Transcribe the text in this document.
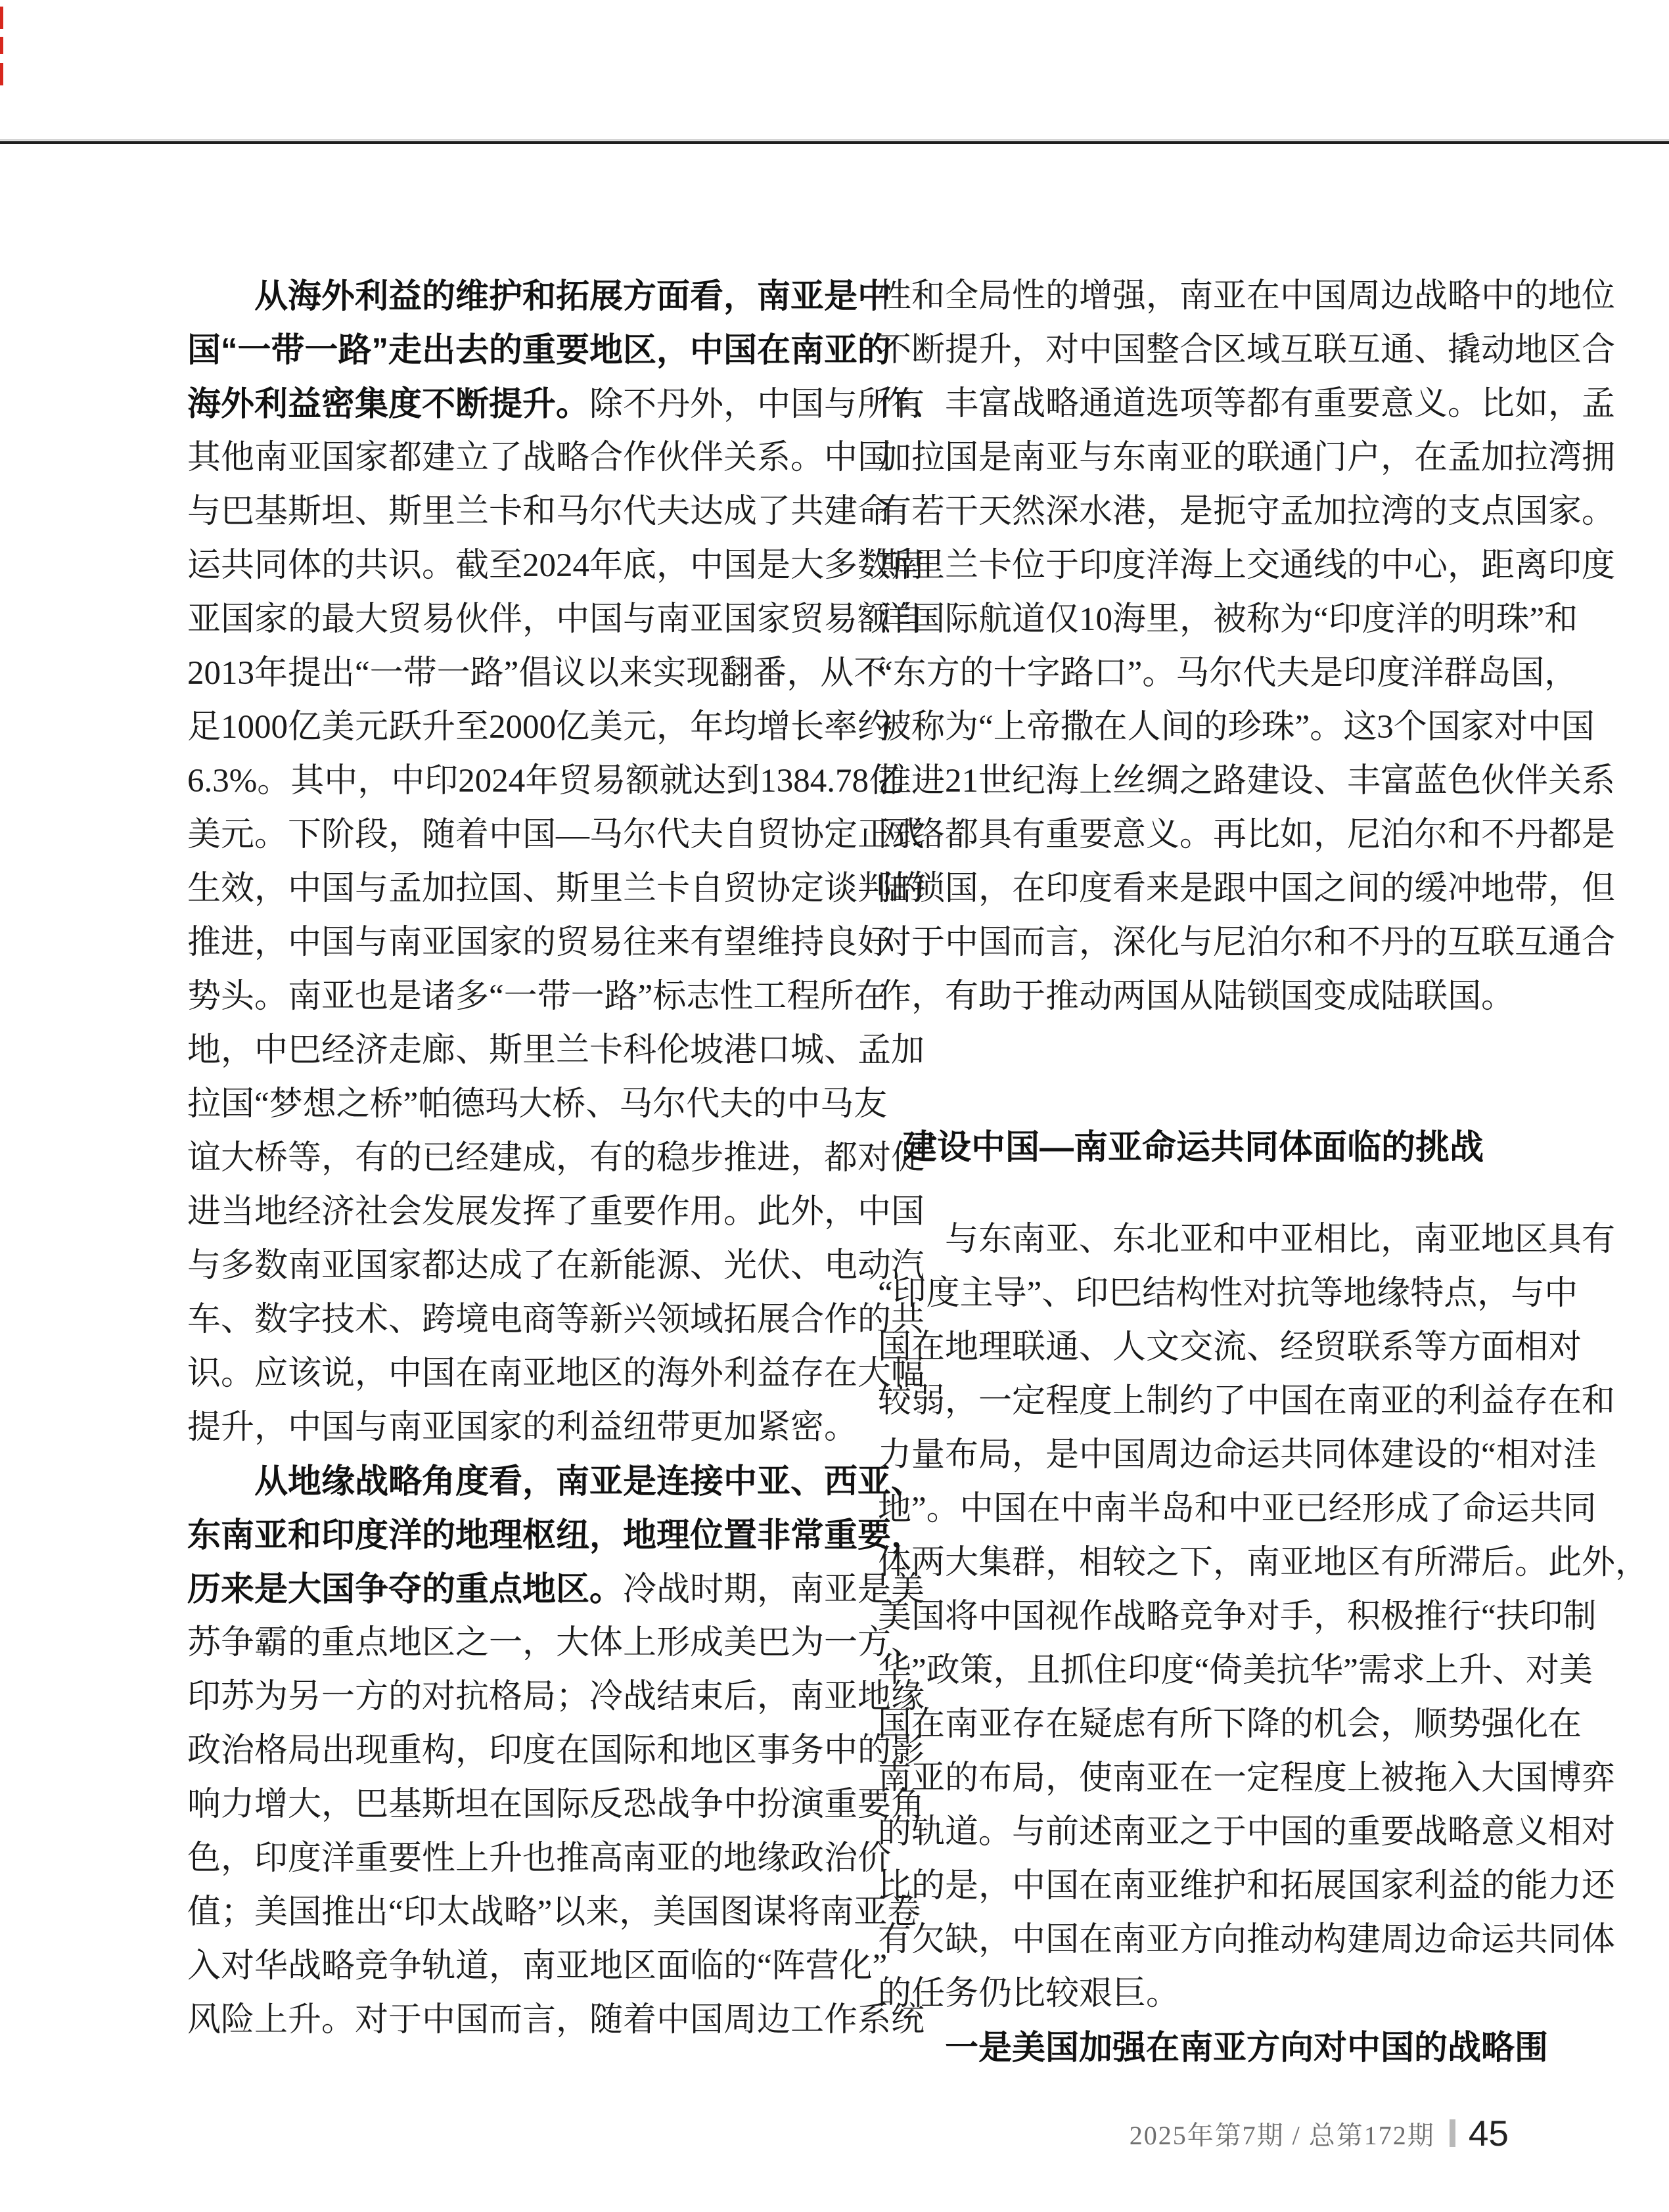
从海外利益的维护和拓展方面看，南亚是中
国“一带一路”走出去的重要地区，中国在南亚的
海外利益密集度不断提升。除不丹外，中国与所有
其他南亚国家都建立了战略合作伙伴关系。中国
与巴基斯坦、斯里兰卡和马尔代夫达成了共建命
运共同体的共识。截至2024年底，中国是大多数南
亚国家的最大贸易伙伴，中国与南亚国家贸易额自
2013年提出“一带一路”倡议以来实现翻番，从不
足1000亿美元跃升至2000亿美元，年均增长率约
6.3%。其中，中印2024年贸易额就达到1384.78亿
美元。下阶段，随着中国—马尔代夫自贸协定正式
生效，中国与孟加拉国、斯里兰卡自贸协定谈判的
推进，中国与南亚国家的贸易往来有望维持良好
势头。南亚也是诸多“一带一路”标志性工程所在
地，中巴经济走廊、斯里兰卡科伦坡港口城、孟加
拉国“梦想之桥”帕德玛大桥、马尔代夫的中马友
谊大桥等，有的已经建成，有的稳步推进，都对促
进当地经济社会发展发挥了重要作用。此外，中国
与多数南亚国家都达成了在新能源、光伏、电动汽
车、数字技术、跨境电商等新兴领域拓展合作的共
识。应该说，中国在南亚地区的海外利益存在大幅
提升，中国与南亚国家的利益纽带更加紧密。
从地缘战略角度看，南亚是连接中亚、西亚、
东南亚和印度洋的地理枢纽，地理位置非常重要，
历来是大国争夺的重点地区。冷战时期，南亚是美
苏争霸的重点地区之一，大体上形成美巴为一方、
印苏为另一方的对抗格局；冷战结束后，南亚地缘
政治格局出现重构，印度在国际和地区事务中的影
响力增大，巴基斯坦在国际反恐战争中扮演重要角
色，印度洋重要性上升也推高南亚的地缘政治价
值；美国推出“印太战略”以来，美国图谋将南亚卷
入对华战略竞争轨道，南亚地区面临的“阵营化”
风险上升。对于中国而言，随着中国周边工作系统
性和全局性的增强，南亚在中国周边战略中的地位
不断提升，对中国整合区域互联互通、撬动地区合
作、丰富战略通道选项等都有重要意义。比如，孟
加拉国是南亚与东南亚的联通门户，在孟加拉湾拥
有若干天然深水港，是扼守孟加拉湾的支点国家。
斯里兰卡位于印度洋海上交通线的中心，距离印度
洋国际航道仅10海里，被称为“印度洋的明珠”和
“东方的十字路口”。马尔代夫是印度洋群岛国，
被称为“上帝撒在人间的珍珠”。这3个国家对中国
推进21世纪海上丝绸之路建设、丰富蓝色伙伴关系
网络都具有重要意义。再比如，尼泊尔和不丹都是
陆锁国，在印度看来是跟中国之间的缓冲地带，但
对于中国而言，深化与尼泊尔和不丹的互联互通合
作，有助于推动两国从陆锁国变成陆联国。
建设中国—南亚命运共同体面临的挑战
与东南亚、东北亚和中亚相比，南亚地区具有
“印度主导”、印巴结构性对抗等地缘特点，与中
国在地理联通、人文交流、经贸联系等方面相对
较弱，一定程度上制约了中国在南亚的利益存在和
力量布局，是中国周边命运共同体建设的“相对洼
地”。中国在中南半岛和中亚已经形成了命运共同
体两大集群，相较之下，南亚地区有所滞后。此外，
美国将中国视作战略竞争对手，积极推行“扶印制
华”政策，且抓住印度“倚美抗华”需求上升、对美
国在南亚存在疑虑有所下降的机会，顺势强化在
南亚的布局，使南亚在一定程度上被拖入大国博弈
的轨道。与前述南亚之于中国的重要战略意义相对
比的是，中国在南亚维护和拓展国家利益的能力还
有欠缺，中国在南亚方向推动构建周边命运共同体
的任务仍比较艰巨。
一是美国加强在南亚方向对中国的战略围
2025年第7期 / 总第172期 45
